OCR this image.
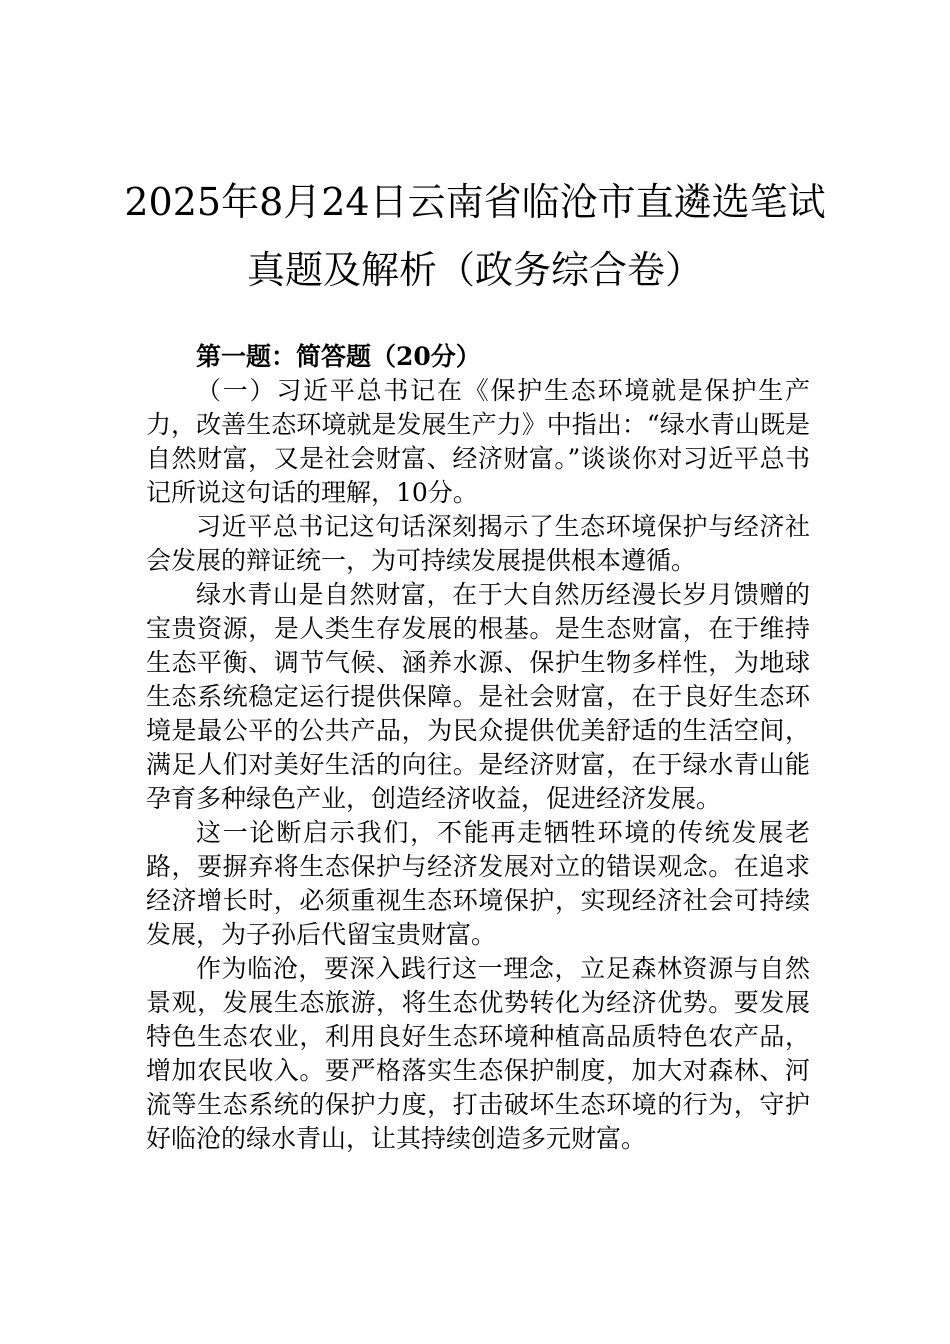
2025年8月24日云南省临沧市直遴选笔试
真题及解析（政务综合卷）

第一题：简答题（20分）

（一）习近平总书记在《保护生态环境就是保护生产力，改善生态环境就是发展生产力》中指出：“绿水青山既是自然财富，又是社会财富、经济财富。”谈谈你对习近平总书记所说这句话的理解，10分。

习近平总书记这句话深刻揭示了生态环境保护与经济社会发展的辩证统一，为可持续发展提供根本遵循。

绿水青山是自然财富，在于大自然历经漫长岁月馈赠的宝贵资源，是人类生存发展的根基。是生态财富，在于维持生态平衡、调节气候、涵养水源、保护生物多样性，为地球生态系统稳定运行提供保障。是社会财富，在于良好生态环境是最公平的公共产品，为民众提供优美舒适的生活空间，满足人们对美好生活的向往。是经济财富，在于绿水青山能孕育多种绿色产业，创造经济收益，促进经济发展。

这一论断启示我们，不能再走牺牲环境的传统发展老路，要摒弃将生态保护与经济发展对立的错误观念。在追求经济增长时，必须重视生态环境保护，实现经济社会可持续发展，为子孙后代留宝贵财富。

作为临沧，要深入践行这一理念，立足森林资源与自然景观，发展生态旅游，将生态优势转化为经济优势。要发展特色生态农业，利用良好生态环境种植高品质特色农产品，增加农民收入。要严格落实生态保护制度，加大对森林、河流等生态系统的保护力度，打击破坏生态环境的行为，守护好临沧的绿水青山，让其持续创造多元财富。
